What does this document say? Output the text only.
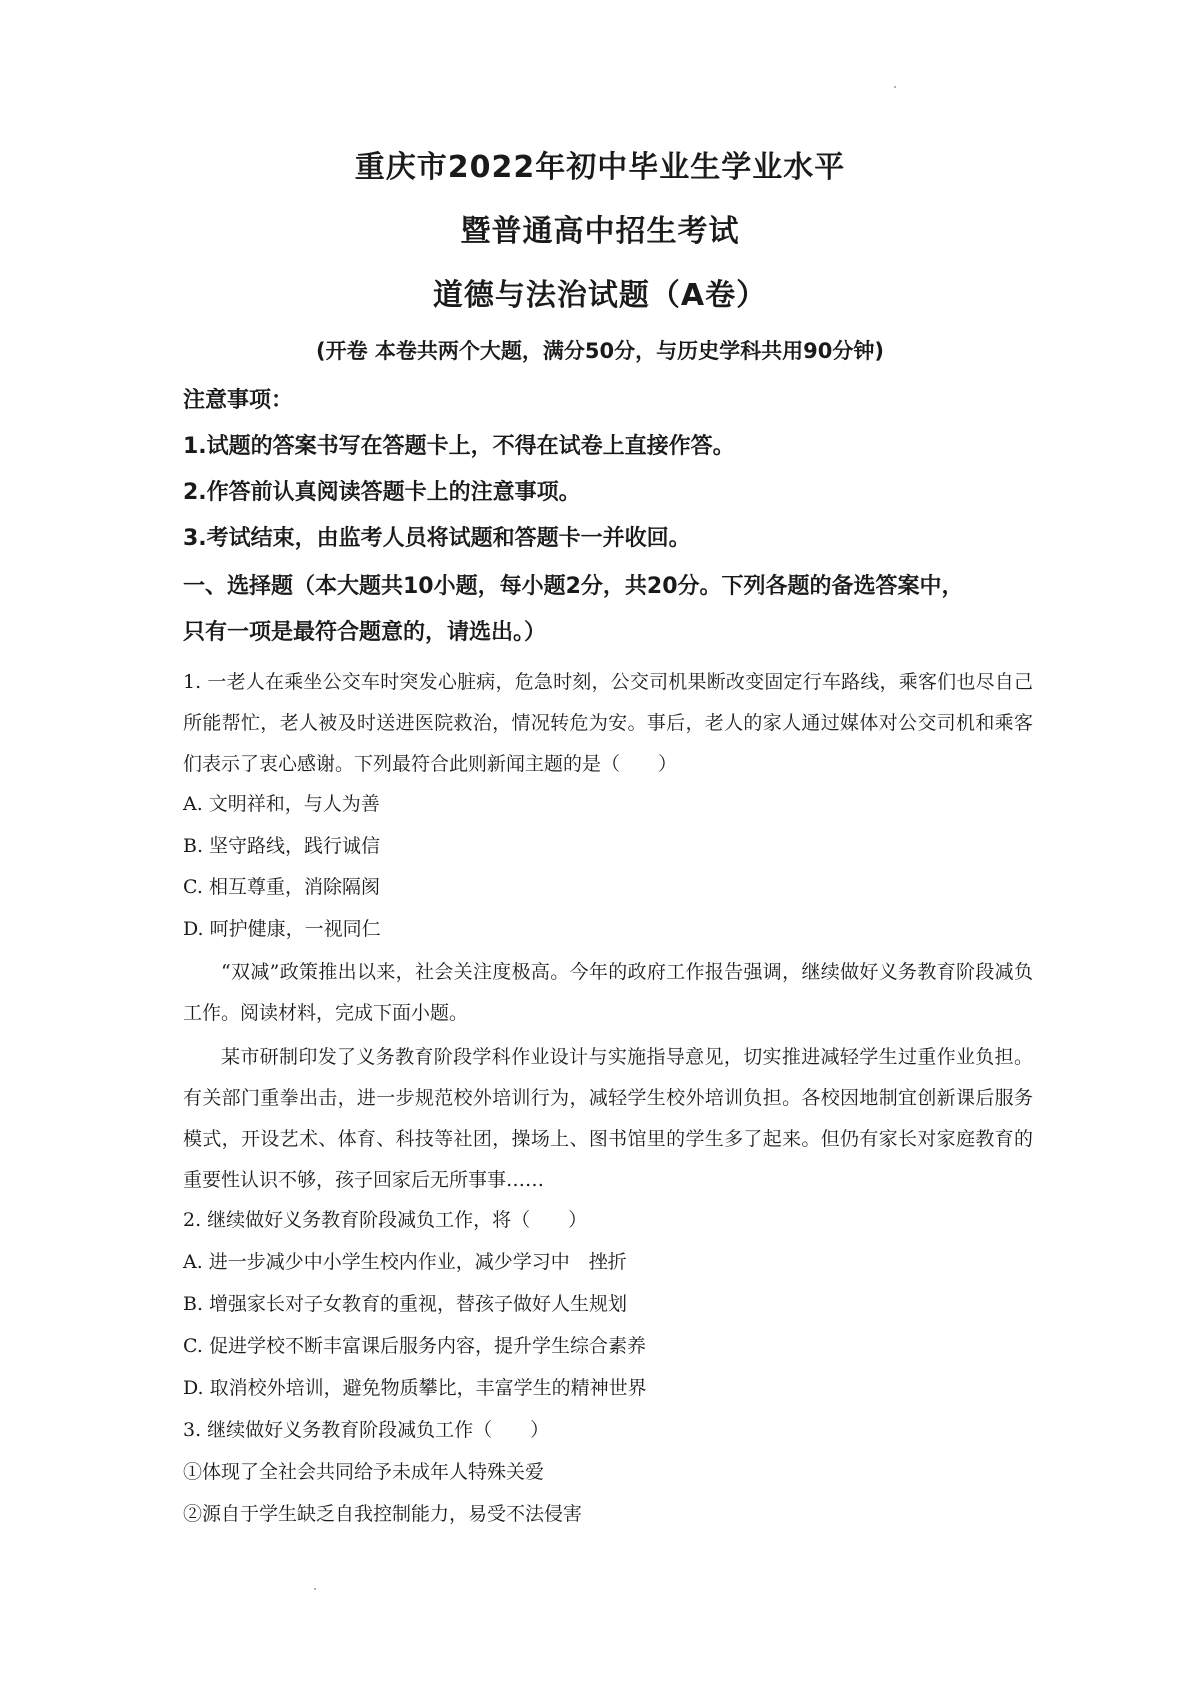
重庆市2022年初中毕业生学业水平
暨普通高中招生考试
道德与法治试题（A卷）
(开卷 本卷共两个大题，满分50分，与历史学科共用90分钟)
注意事项：
1.试题的答案书写在答题卡上，不得在试卷上直接作答。
2.作答前认真阅读答题卡上的注意事项。
3.考试结束，由监考人员将试题和答题卡一并收回。
一、选择题（本大题共10小题，每小题2分，共20分。下列各题的备选答案中，
只有一项是最符合题意的，请选出。）
1. 一老人在乘坐公交车时突发心脏病，危急时刻，公交司机果断改变固定行车路线，乘客们也尽自己所能帮忙，老人被及时送进医院救治，情况转危为安。事后，老人的家人通过媒体对公交司机和乘客们表示了衷心感谢。下列最符合此则新闻主题的是（　　）
A. 文明祥和，与人为善
B. 坚守路线，践行诚信
C. 相互尊重，消除隔阂
D. 呵护健康，一视同仁
“双减”政策推出以来，社会关注度极高。今年的政府工作报告强调，继续做好义务教育阶段减负工作。阅读材料，完成下面小题。
某市研制印发了义务教育阶段学科作业设计与实施指导意见，切实推进减轻学生过重作业负担。有关部门重拳出击，进一步规范校外培训行为，减轻学生校外培训负担。各校因地制宜创新课后服务模式，开设艺术、体育、科技等社团，操场上、图书馆里的学生多了起来。但仍有家长对家庭教育的重要性认识不够，孩子回家后无所事事……
2. 继续做好义务教育阶段减负工作，将（　　）
A. 进一步减少中小学生校内作业，减少学习中　挫折
B. 增强家长对子女教育的重视，替孩子做好人生规划
C. 促进学校不断丰富课后服务内容，提升学生综合素养
D. 取消校外培训，避免物质攀比，丰富学生的精神世界
3. 继续做好义务教育阶段减负工作（　　）
①体现了全社会共同给予未成年人特殊关爱
②源自于学生缺乏自我控制能力，易受不法侵害
